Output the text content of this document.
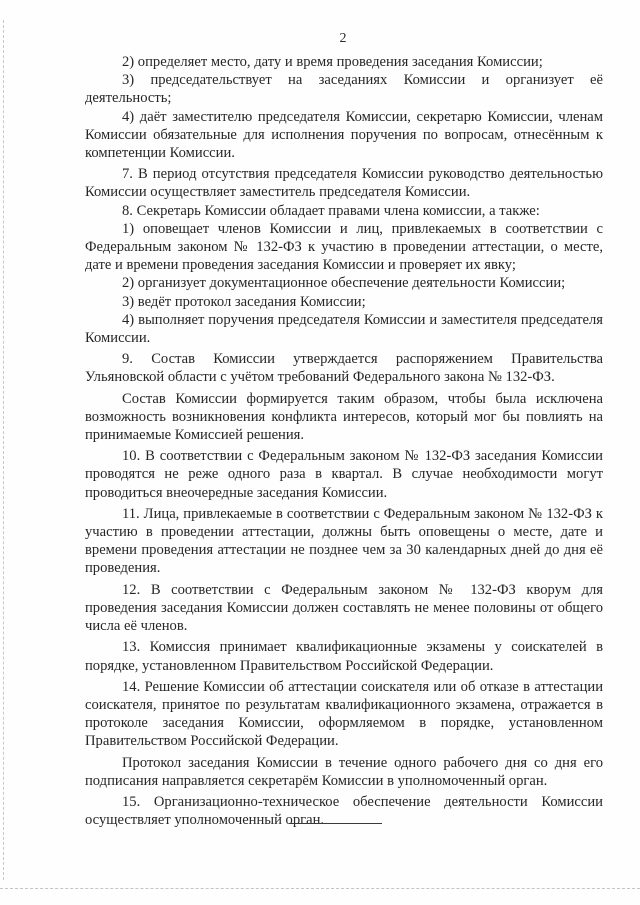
2

2) определяет место, дату и время проведения заседания Комиссии;

3) председательствует на заседаниях Комиссии и организует её деятельность;

4) даёт заместителю председателя Комиссии, секретарю Комиссии, членам Комиссии обязательные для исполнения поручения по вопросам, отнесённым к компетенции Комиссии.

7. В период отсутствия председателя Комиссии руководство деятельностью Комиссии осуществляет заместитель председателя Комиссии.

8. Секретарь Комиссии обладает правами члена комиссии, а также:

1) оповещает членов Комиссии и лиц, привлекаемых в соответствии с Федеральным законом № 132-ФЗ к участию в проведении аттестации, о месте, дате и времени проведения заседания Комиссии и проверяет их явку;

2) организует документационное обеспечение деятельности Комиссии;

3) ведёт протокол заседания Комиссии;

4) выполняет поручения председателя Комиссии и заместителя председателя Комиссии.

9. Состав Комиссии утверждается распоряжением Правительства Ульяновской области с учётом требований Федерального закона № 132-ФЗ.

Состав Комиссии формируется таким образом, чтобы была исключена возможность возникновения конфликта интересов, который мог бы повлиять на принимаемые Комиссией решения.

10. В соответствии с Федеральным законом № 132-ФЗ заседания Комиссии проводятся не реже одного раза в квартал. В случае необходимости могут проводиться внеочередные заседания Комиссии.

11. Лица, привлекаемые в соответствии с Федеральным законом № 132-ФЗ к участию в проведении аттестации, должны быть оповещены о месте, дате и времени проведения аттестации не позднее чем за 30 календарных дней до дня её проведения.

12. В соответствии с Федеральным законом № 132-ФЗ кворум для проведения заседания Комиссии должен составлять не менее половины от общего числа её членов.

13. Комиссия принимает квалификационные экзамены у соискателей в порядке, установленном Правительством Российской Федерации.

14. Решение Комиссии об аттестации соискателя или об отказе в аттестации соискателя, принятое по результатам квалификационного экзамена, отражается в протоколе заседания Комиссии, оформляемом в порядке, установленном Правительством Российской Федерации.

Протокол заседания Комиссии в течение одного рабочего дня со дня его подписания направляется секретарём Комиссии в уполномоченный орган.

15. Организационно-техническое обеспечение деятельности Комиссии осуществляет уполномоченный орган.
